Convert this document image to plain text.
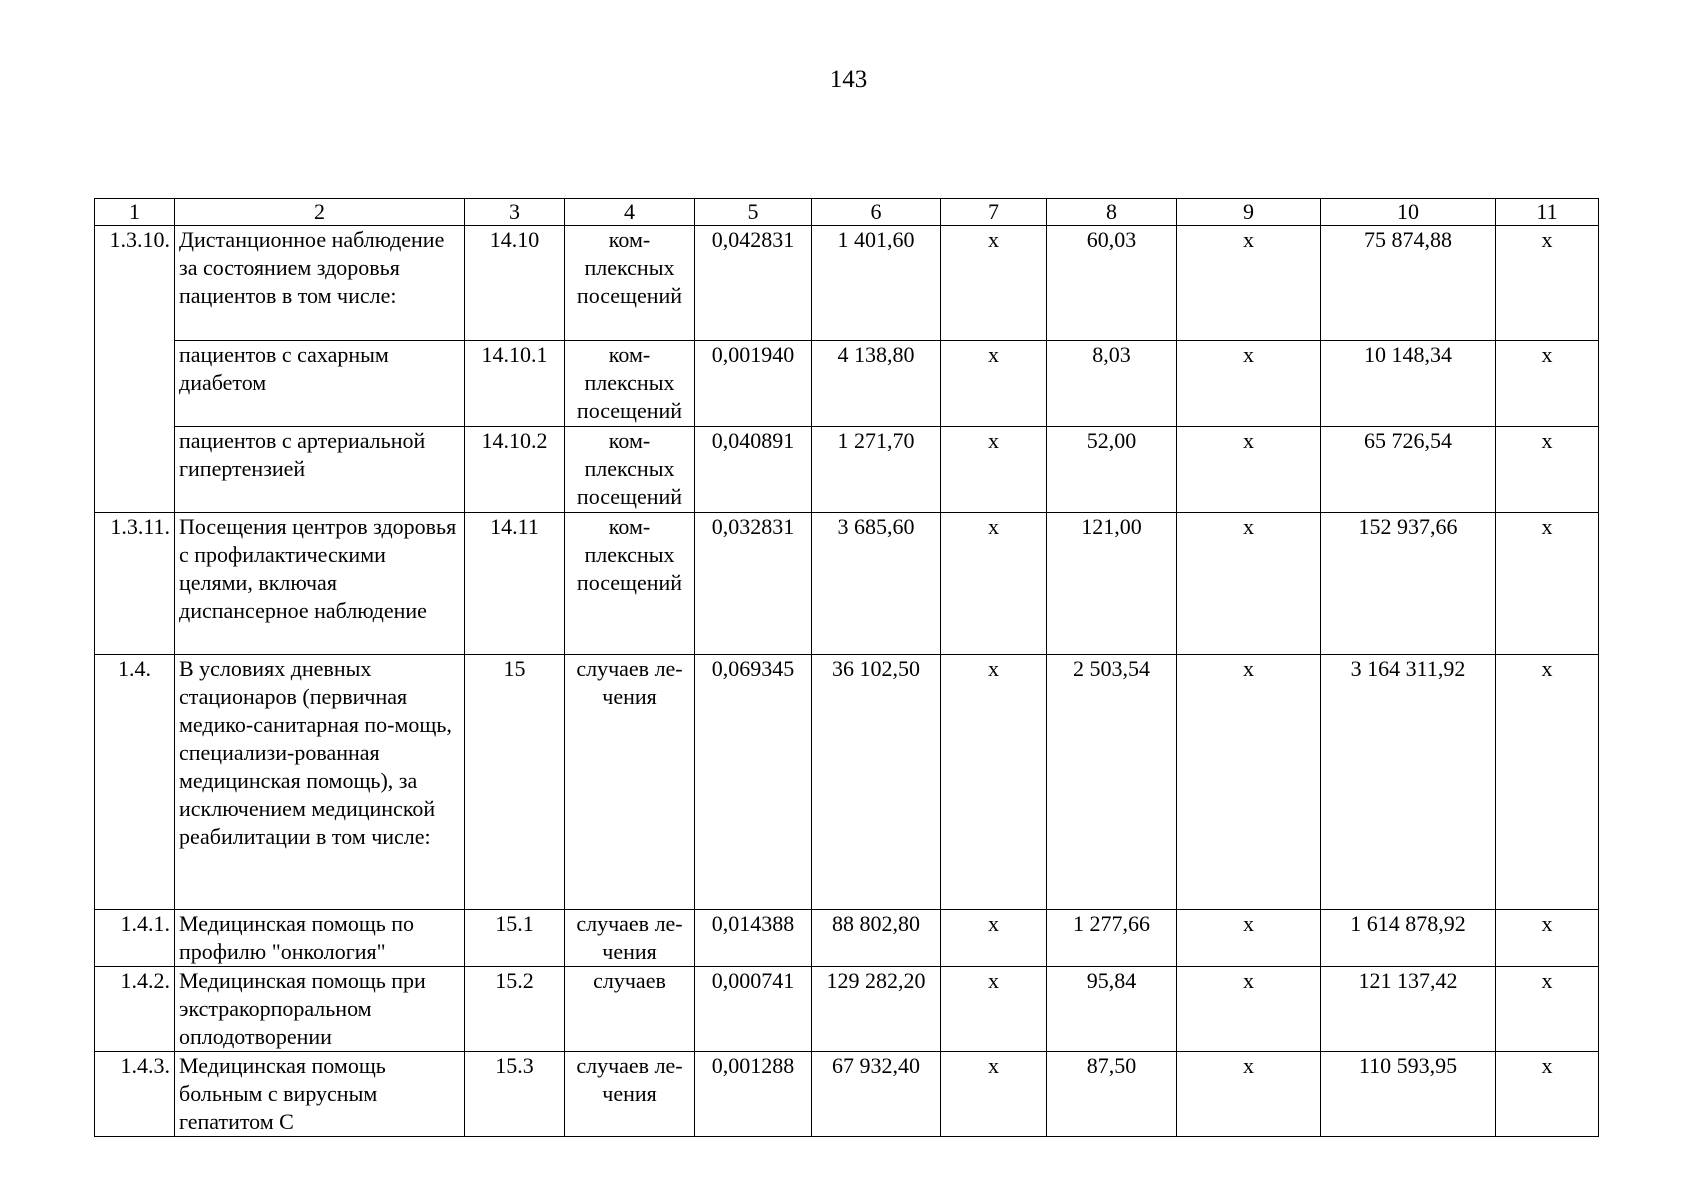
143
1	2	3	4	5	6	7	8	9	10	11
1.3.10.	Дистанционное наблюдение за состоянием здоровья пациентов в том числе:	14.10	ком-плексных посещений	0,042831	1 401,60	х	60,03	х	75 874,88	х
	пациентов с сахарным диабетом	14.10.1	ком-плексных посещений	0,001940	4 138,80	х	8,03	х	10 148,34	х
	пациентов с артериальной гипертензией	14.10.2	ком-плексных посещений	0,040891	1 271,70	х	52,00	х	65 726,54	х
1.3.11.	Посещения центров здоровья с профилактическими целями, включая диспансерное наблюдение	14.11	ком-плексных посещений	0,032831	3 685,60	х	121,00	х	152 937,66	х
1.4.	В условиях дневных стационаров (первичная медико-санитарная по-мощь, специализи-рованная медицинская помощь), за исключением медицинской реабилитации в том числе:	15	случаев ле-чения	0,069345	36 102,50	х	2 503,54	х	3 164 311,92	х
1.4.1.	Медицинская помощь по профилю "онкология"	15.1	случаев ле-чения	0,014388	88 802,80	х	1 277,66	х	1 614 878,92	х
1.4.2.	Медицинская помощь при экстракорпоральном оплодотворении	15.2	случаев	0,000741	129 282,20	х	95,84	х	121 137,42	х
1.4.3.	Медицинская помощь больным с вирусным гепатитом С	15.3	случаев ле-чения	0,001288	67 932,40	х	87,50	х	110 593,95	х
